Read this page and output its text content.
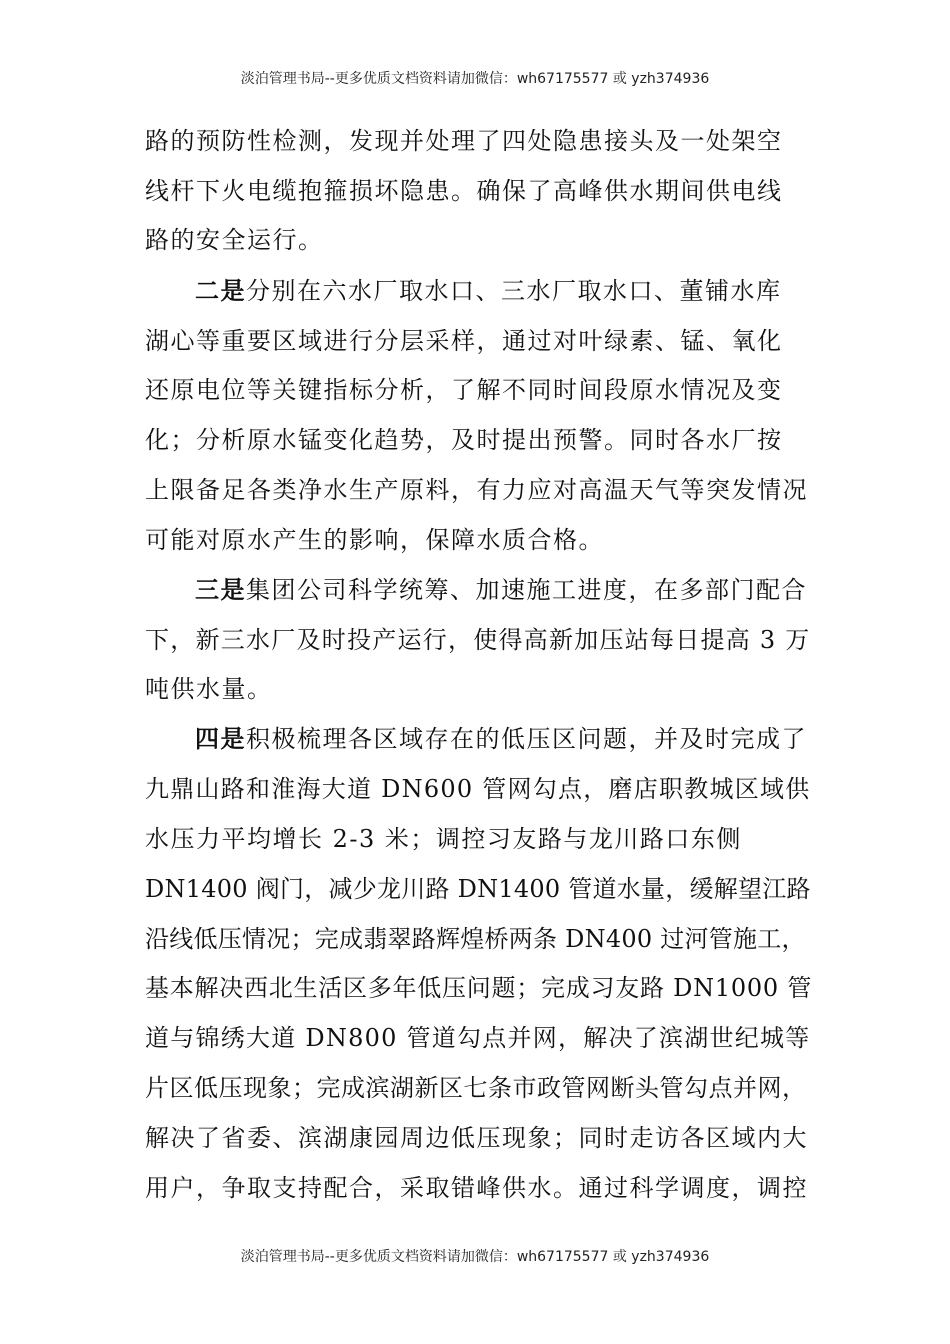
淡泊管理书局--更多优质文档资料请加微信：wh67175577 或 yzh374936
路的预防性检测，发现并处理了四处隐患接头及一处架空
线杆下火电缆抱箍损坏隐患。确保了高峰供水期间供电线
路的安全运行。
二是分别在六水厂取水口、三水厂取水口、董铺水库
湖心等重要区域进行分层采样，通过对叶绿素、锰、氧化
还原电位等关键指标分析，了解不同时间段原水情况及变
化；分析原水锰变化趋势，及时提出预警。同时各水厂按
上限备足各类净水生产原料，有力应对高温天气等突发情况
可能对原水产生的影响，保障水质合格。
三是集团公司科学统筹、加速施工进度，在多部门配合
下，新三水厂及时投产运行，使得高新加压站每日提高 3 万
吨供水量。
四是积极梳理各区域存在的低压区问题，并及时完成了
九鼎山路和淮海大道 DN600 管网勾点，磨店职教城区域供
水压力平均增长 2-3 米；调控习友路与龙川路口东侧
DN1400 阀门，减少龙川路 DN1400 管道水量，缓解望江路
沿线低压情况；完成翡翠路辉煌桥两条 DN400 过河管施工，
基本解决西北生活区多年低压问题；完成习友路 DN1000 管
道与锦绣大道 DN800 管道勾点并网，解决了滨湖世纪城等
片区低压现象；完成滨湖新区七条市政管网断头管勾点并网，
解决了省委、滨湖康园周边低压现象；同时走访各区域内大
用户，争取支持配合，采取错峰供水。通过科学调度，调控
淡泊管理书局--更多优质文档资料请加微信：wh67175577 或 yzh374936
